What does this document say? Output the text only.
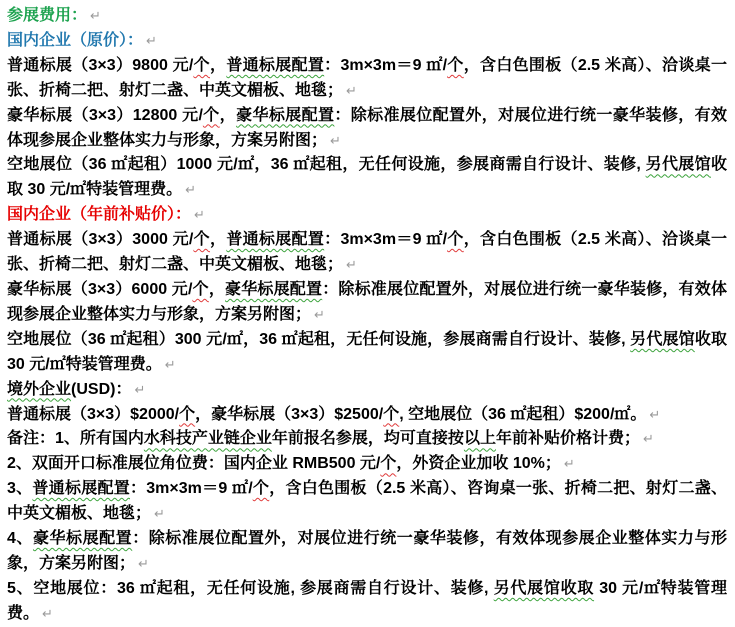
参展费用： ↵

国内企业（原价）： ↵

普通标展（3×3）9800 元/个，普通标展配置：3m×3m＝9 ㎡/个，含白色围板（2.5 米高）、洽谈桌一张、折椅二把、射灯二盏、中英文楣板、地毯； ↵

豪华标展（3×3）12800 元/个，豪华标展配置：除标准展位配置外，对展位进行统一豪华装修，有效体现参展企业整体实力与形象，方案另附图； ↵

空地展位（36 ㎡起租）1000 元/㎡，36 ㎡起租，无任何设施，参展商需自行设计、装修, 另代展馆收取 30 元/㎡特装管理费。 ↵

国内企业（年前补贴价）： ↵

普通标展（3×3）3000 元/个，普通标展配置：3m×3m＝9 ㎡/个，含白色围板（2.5 米高）、洽谈桌一张、折椅二把、射灯二盏、中英文楣板、地毯； ↵

豪华标展（3×3）6000 元/个，豪华标展配置：除标准展位配置外，对展位进行统一豪华装修，有效体现参展企业整体实力与形象，方案另附图； ↵

空地展位（36 ㎡起租）300 元/㎡，36 ㎡起租，无任何设施，参展商需自行设计、装修, 另代展馆收取 30 元/㎡特装管理费。 ↵

境外企业(USD)： ↵

普通标展（3×3）$2000/个，豪华标展（3×3）$2500/个, 空地展位（36 ㎡起租）$200/㎡。 ↵

备注：1、所有国内水科技产业链企业年前报名参展，均可直接按以上年前补贴价格计费； ↵

2、双面开口标准展位角位费：国内企业 RMB500 元/个，外资企业加收 10%； ↵

3、普通标展配置：3m×3m＝9 ㎡/个，含白色围板（2.5 米高）、咨询桌一张、折椅二把、射灯二盏、中英文楣板、地毯； ↵

4、豪华标展配置：除标准展位配置外，对展位进行统一豪华装修，有效体现参展企业整体实力与形象，方案另附图； ↵

5、空地展位：36 ㎡起租，无任何设施, 参展商需自行设计、装修, 另代展馆收取 30 元/㎡特装管理费。 ↵
